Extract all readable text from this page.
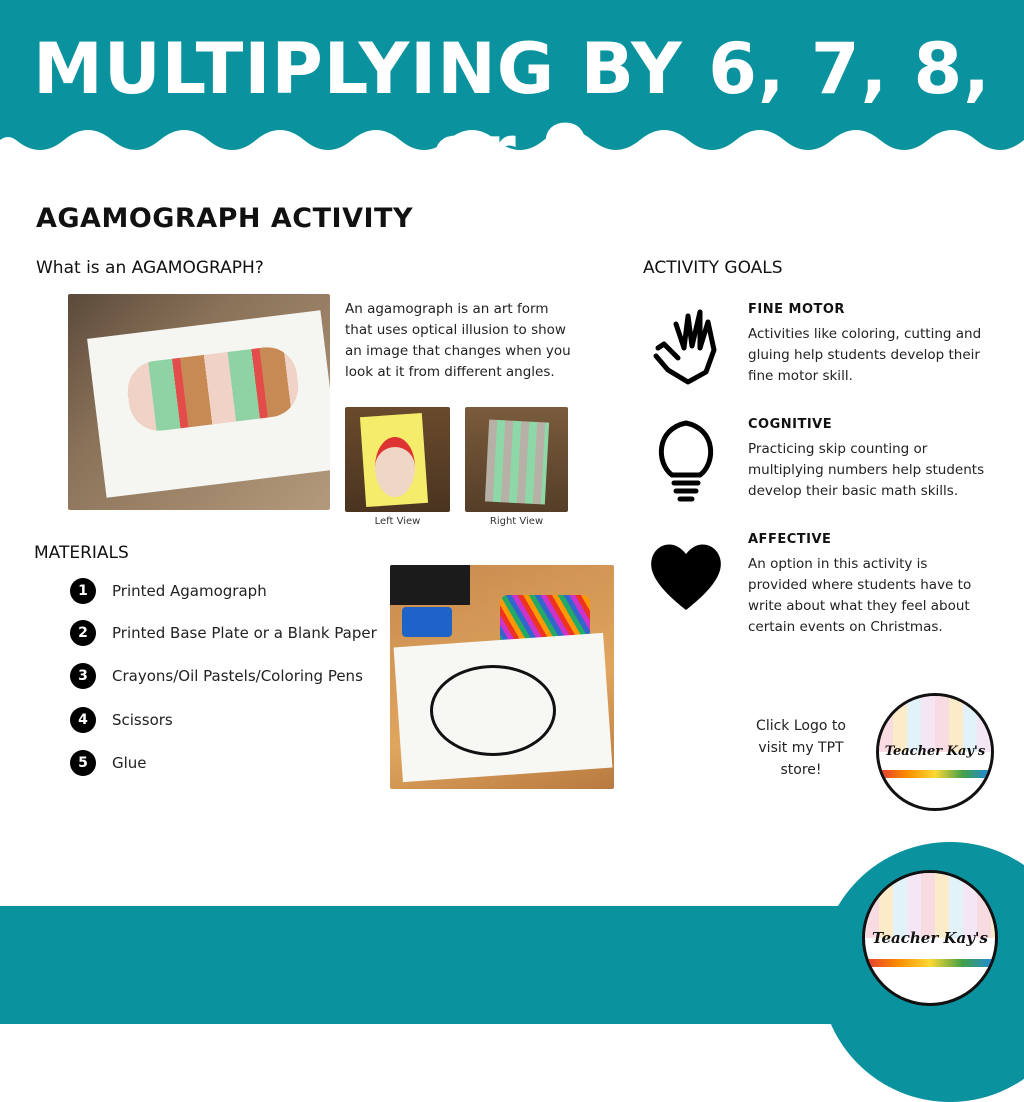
MULTIPLYING BY 6, 7, 8, or 9
AGAMOGRAPH ACTIVITY
What is an AGAMOGRAPH?
An agamograph is an art form that uses optical illusion to show an image that changes when you look at it from different angles.
Left View	Right View
MATERIALS
1	Printed Agamograph
2	Printed Base Plate or a Blank Paper
3	Crayons/Oil Pastels/Coloring Pens
4	Scissors
5	Glue
ACTIVITY GOALS
FINE MOTOR
Activities like coloring, cutting and gluing help students develop their fine motor skill.
COGNITIVE
Practicing skip counting or multiplying numbers help students develop their basic math skills.
AFFECTIVE
An option in this activity is provided where students have to write about what they feel about certain events on Christmas.
Click Logo to visit my TPT store!
Teacher Kay's
Teacher Kay's
